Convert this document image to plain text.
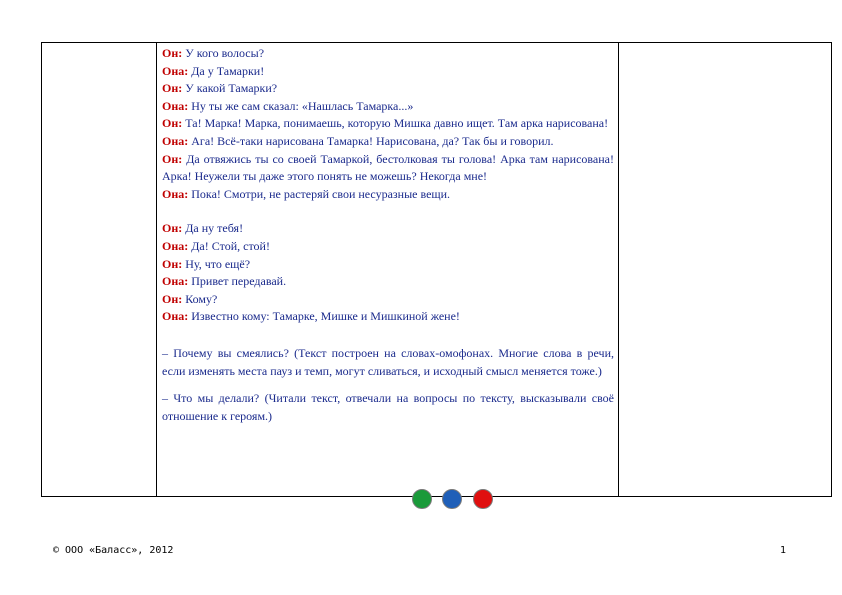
Он: У кого волосы?

Она: Да у Тамарки!

Он: У какой Тамарки?

Она: Ну ты же сам сказал: «Нашлась Тамарка...»

Он: Та! Марка! Марка, понимаешь, которую Мишка давно ищет. Там арка нарисована!

Она: Ага! Всё-таки нарисована Тамарка! Нарисована, да? Так бы и говорил.

Он: Да отвяжись ты со своей Тамаркой, бестолковая ты голова! Арка там нарисована! Арка! Неужели ты даже этого понять не можешь? Некогда мне!

Она: Пока! Смотри, не растеряй свои несуразные вещи.

Он: Да ну тебя!

Она: Да! Стой, стой!

Он: Ну, что ещё?

Она: Привет передавай.

Он: Кому?

Она: Известно кому: Тамарке, Мишке и Мишкиной жене!

– Почему вы смеялись? (Текст построен на словах-омофонах. Многие слова в речи, если изменять места пауз и темп, могут сливаться, и исходный смысл меняется тоже.)

– Что мы делали? (Читали текст, отвечали на вопросы по тексту, высказывали своё отношение к героям.)

© ООО «Баласс», 2012	1
